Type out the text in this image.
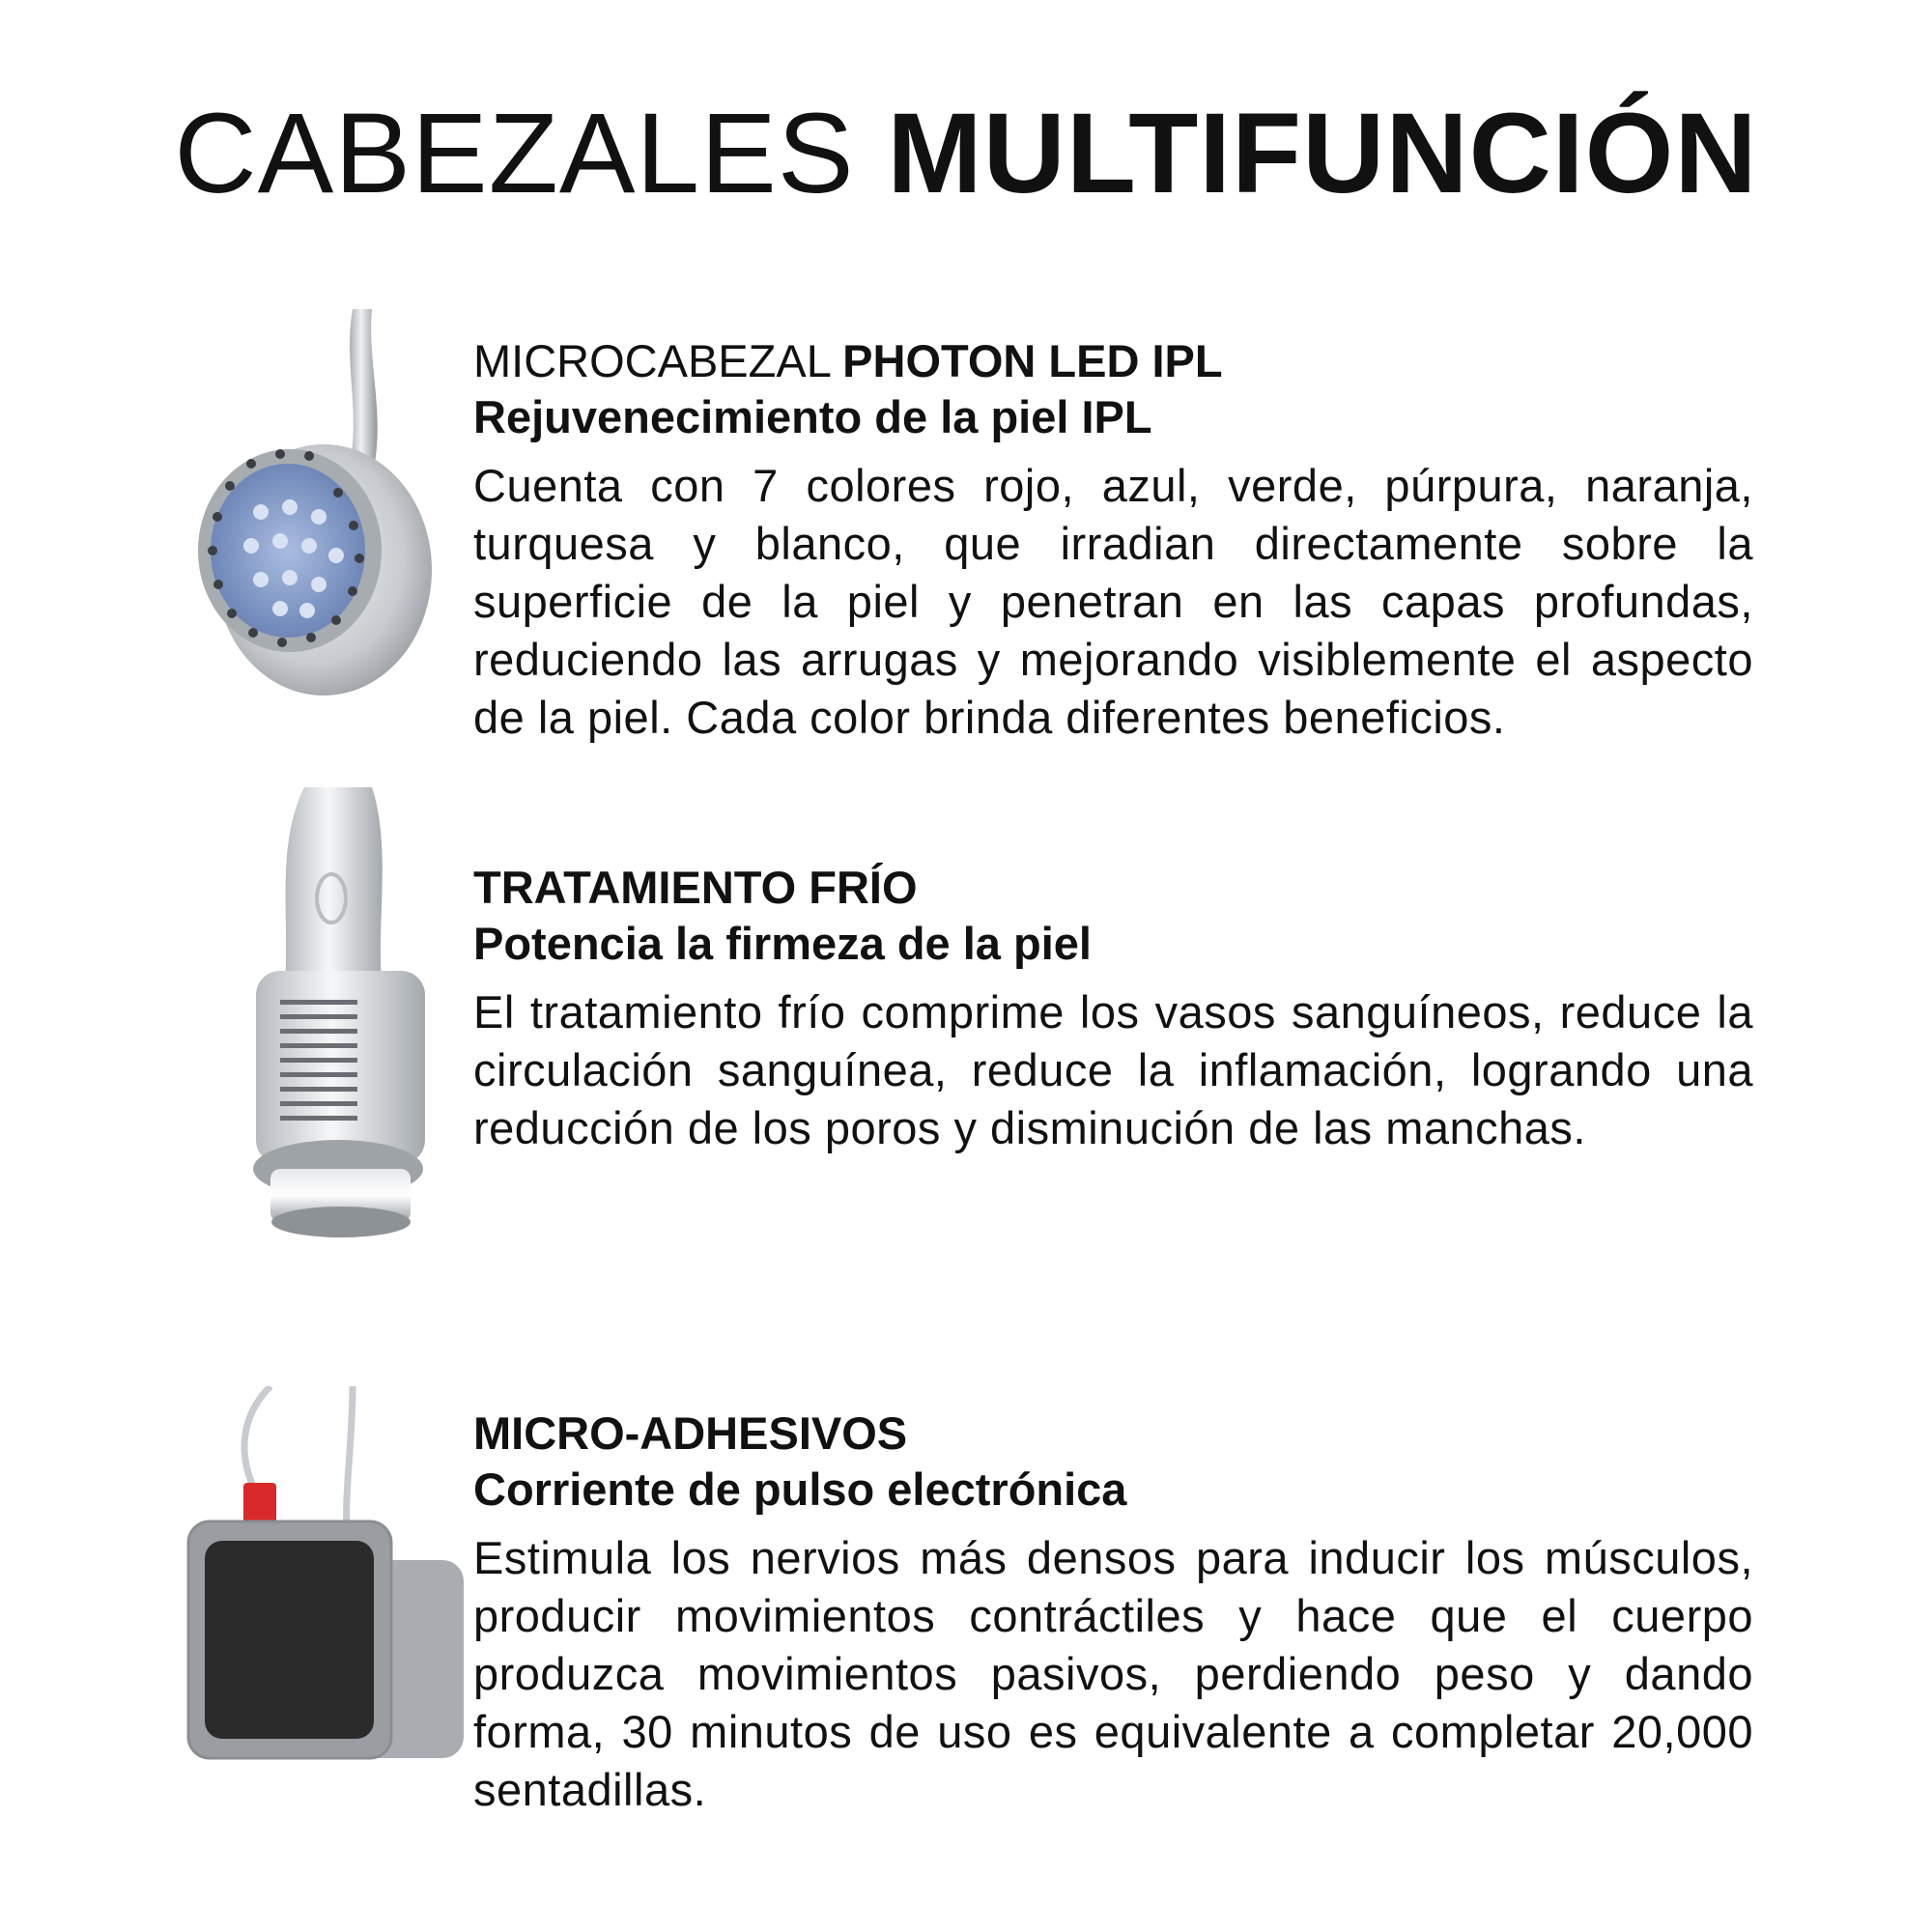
CABEZALES MULTIFUNCIÓN
MICROCABEZAL PHOTON LED IPL
Rejuvenecimiento de la piel IPL
Cuenta con 7 colores rojo, azul, verde, púrpura, naranja, turquesa y blanco, que irradian directamente sobre la superficie de la piel y penetran en las capas profundas, reduciendo las arrugas y mejorando visiblemente el aspecto de la piel. Cada color brinda diferentes beneficios.
TRATAMIENTO FRÍO
Potencia la firmeza de la piel
El tratamiento frío comprime los vasos sanguíneos, reduce la circulación sanguínea, reduce la inflamación, logrando una reducción de los poros y disminución de las manchas.
MICRO-ADHESIVOS
Corriente de pulso electrónica
Estimula los nervios más densos para inducir los músculos, producir movimientos contráctiles y hace que el cuerpo produzca movimientos pasivos, perdiendo peso y dando forma, 30 minutos de uso es equivalente a completar 20,000 sentadillas.
